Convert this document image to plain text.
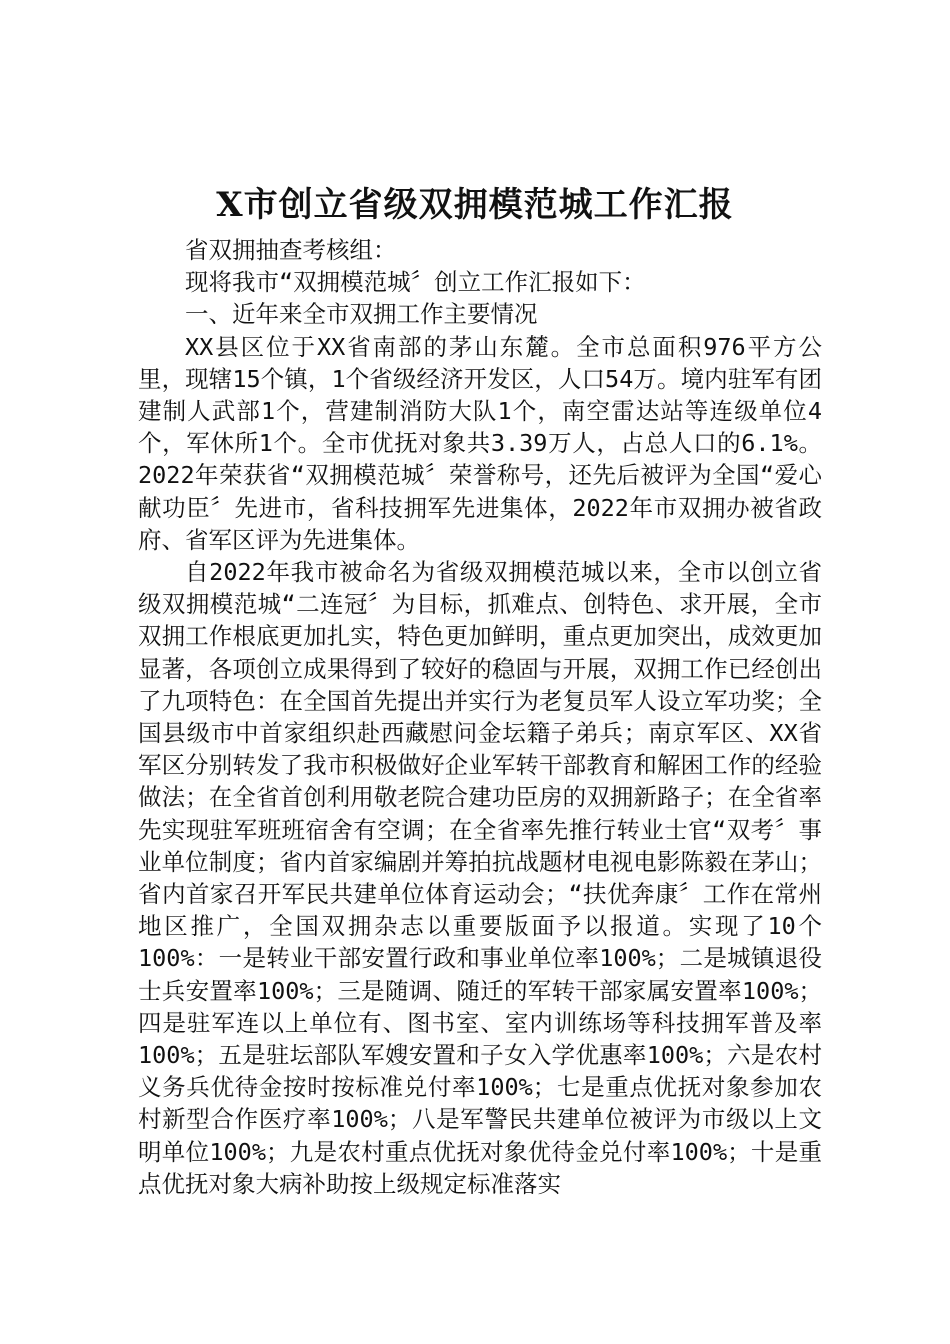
X市创立省级双拥模范城工作汇报

省双拥抽查考核组：

现将我市“双拥模范城〞创立工作汇报如下：

一、近年来全市双拥工作主要情况

XX县区位于XX省南部的茅山东麓。全市总面积976平方公里，现辖15个镇，1个省级经济开发区，人口54万。境内驻军有团建制人武部1个，营建制消防大队1个，南空雷达站等连级单位4个，军休所1个。全市优抚对象共3.39万人，占总人口的6.1%。2022年荣获省“双拥模范城〞荣誉称号，还先后被评为全国“爱心献功臣〞先进市，省科技拥军先进集体，2022年市双拥办被省政府、省军区评为先进集体。

自2022年我市被命名为省级双拥模范城以来，全市以创立省级双拥模范城“二连冠〞为目标，抓难点、创特色、求开展，全市双拥工作根底更加扎实，特色更加鲜明，重点更加突出，成效更加显著，各项创立成果得到了较好的稳固与开展，双拥工作已经创出了九项特色：在全国首先提出并实行为老复员军人设立军功奖；全国县级市中首家组织赴西藏慰问金坛籍子弟兵；南京军区、XX省军区分别转发了我市积极做好企业军转干部教育和解困工作的经验做法；在全省首创利用敬老院合建功臣房的双拥新路子；在全省率先实现驻军班班宿舍有空调；在全省率先推行转业士官“双考〞事业单位制度；省内首家编剧并筹拍抗战题材电视电影陈毅在茅山；省内首家召开军民共建单位体育运动会；“扶优奔康〞工作在常州地区推广，全国双拥杂志以重要版面予以报道。实现了10个100%：一是转业干部安置行政和事业单位率100%；二是城镇退役士兵安置率100%；三是随调、随迁的军转干部家属安置率100%；四是驻军连以上单位有、图书室、室内训练场等科技拥军普及率100%；五是驻坛部队军嫂安置和子女入学优惠率100%；六是农村义务兵优待金按时按标准兑付率100%；七是重点优抚对象参加农村新型合作医疗率100%；八是军警民共建单位被评为市级以上文明单位100%；九是农村重点优抚对象优待金兑付率100%；十是重点优抚对象大病补助按上级规定标准落实
